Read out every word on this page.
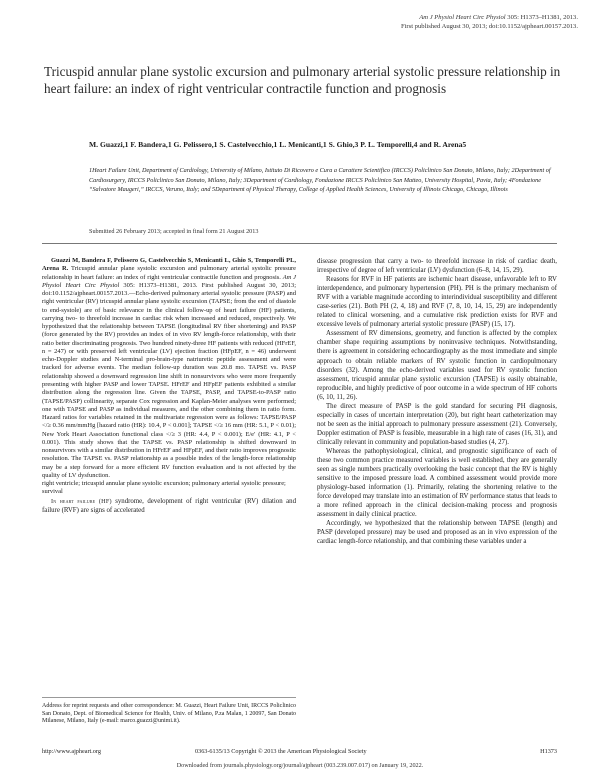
Am J Physiol Heart Circ Physiol 305: H1373–H1381, 2013.
First published August 30, 2013; doi:10.1152/ajpheart.00157.2013.
Tricuspid annular plane systolic excursion and pulmonary arterial systolic pressure relationship in heart failure: an index of right ventricular contractile function and prognosis
M. Guazzi,1 F. Bandera,1 G. Pelissero,1 S. Castelvecchio,1 L. Menicanti,1 S. Ghio,3 P. L. Temporelli,4 and R. Arena5
1Heart Failure Unit, Department of Cardiology, University of Milano, Istituto Di Ricovero e Cura a Carattere Scientifico (IRCCS) Policlinico San Donato, Milano, Italy; 2Department of Cardiosurgery, IRCCS Policlinico San Donato, Milano, Italy; 3Department of Cardiology, Fondazione IRCCS Policlinico San Matteo, University Hospital, Pavia, Italy; 4Fondazione “Salvatore Maugeri,” IRCCS, Veruno, Italy; and 5Department of Physical Therapy, College of Applied Health Sciences, University of Illinois Chicago, Chicago, Illinois
Submitted 26 February 2013; accepted in final form 21 August 2013

Guazzi M, Bandera F, Pelissero G, Castelvecchio S, Menicanti L, Ghio S, Temporelli PL, Arena R. Tricuspid annular plane systolic excursion and pulmonary arterial systolic pressure relationship in heart failure: an index of right ventricular contractile function and prognosis. Am J Physiol Heart Circ Physiol 305: H1373–H1381, 2013. First published August 30, 2013; doi:10.1152/ajpheart.00157.2013.—Echo-derived pulmonary arterial systolic pressure (PASP) and right ventricular (RV) tricuspid annular plane systolic excursion (TAPSE; from the end of diastole to end-systole) are of basic relevance in the clinical follow-up of heart failure (HF) patients, carrying two- to threefold increase in cardiac risk when increased and reduced, respectively. We hypothesized that the relationship between TAPSE (longitudinal RV fiber shortening) and PASP (force generated by the RV) provides an index of in vivo RV length-force relationship, with their ratio better discriminating prognosis. Two hundred ninety-three HF patients with reduced (HFrEF, n = 247) or with preserved left ventricular (LV) ejection fraction (HFpEF, n = 46) underwent echo-Doppler studies and N-terminal pro-brain-type natriuretic peptide assessment and were tracked for adverse events. The median follow-up duration was 20.8 mo. TAPSE vs. PASP relationship showed a downward regression line shift in nonsurvivors who were more frequently presenting with higher PASP and lower TAPSE. HFrEF and HFpEF patients exhibited a similar distribution along the regression line. Given the TAPSE, PASP, and TAPSE-to-PASP ratio (TAPSE/PASP) collinearity, separate Cox regression and Kaplan-Meier analyses were performed; one with TAPSE and PASP as individual measures, and the other combining them in ratio form. Hazard ratios for variables retained in the multivariate regression were as follows: TAPSE/PASP </≥ 0.36 mm/mmHg [hazard ratio (HR): 10.4, P < 0.001]; TAPSE </≥ 16 mm (HR: 5.1, P < 0.01); New York Heart Association functional class </≥ 3 (HR: 4.4, P < 0.001); E/e′ (HR: 4.1, P < 0.001). This study shows that the TAPSE vs. PASP relationship is shifted downward in nonsurvivors with a similar distribution in HFrEF and HFpEF, and their ratio improves prognostic resolution. The TAPSE vs. PASP relationship as a possible index of the length-force relationship may be a step forward for a more efficient RV function evaluation and is not affected by the quality of LV dysfunction.

right ventricle; tricuspid annular plane systolic excursion; pulmonary arterial systolic pressure; survival

In heart failure (HF) syndrome, development of right ventricular (RV) dilation and failure (RVF) are signs of accelerated

disease progression that carry a two- to threefold increase in risk of cardiac death, irrespective of degree of left ventricular (LV) dysfunction (6–8, 14, 15, 29).

Reasons for RVF in HF patients are ischemic heart disease, unfavorable left to RV interdependence, and pulmonary hypertension (PH). PH is the primary mechanism of RVF with a variable magnitude according to interindividual susceptibility and different case-series (21). Both PH (2, 4, 18) and RVF (7, 8, 10, 14, 15, 29) are independently related to clinical worsening, and a cumulative risk prediction exists for RVF and excessive levels of pulmonary arterial systolic pressure (PASP) (15, 17).

Assessment of RV dimensions, geometry, and function is affected by the complex chamber shape requiring assumptions by noninvasive techniques. Notwithstanding, there is agreement in considering echocardiography as the most immediate and simple approach to obtain reliable markers of RV systolic function in cardiopulmonary disorders (32). Among the echo-derived variables used for RV systolic function assessment, tricuspid annular plane systolic excursion (TAPSE) is easily obtainable, reproducible, and highly predictive of poor outcome in a wide spectrum of HF cohorts (6, 10, 11, 26).

The direct measure of PASP is the gold standard for securing PH diagnosis, especially in cases of uncertain interpretation (20), but right heart catheterization may not be seen as the initial approach to pulmonary pressure assessment (21). Conversely, Doppler estimation of PASP is feasible, measurable in a high rate of cases (16, 31), and clinically relevant in community and population-based studies (4, 27).

Whereas the pathophysiological, clinical, and prognostic significance of each of these two common practice measured variables is well established, they are generally seen as single numbers practically overlooking the basic concept that the RV is highly sensitive to the imposed pressure load. A combined assessment would provide more physiology-based information (1). Primarily, relating the shortening relative to the force developed may translate into an estimation of RV performance status that leads to a more refined approach in the clinical decision-making process and prognosis assessment in daily clinical practice.

Accordingly, we hypothesized that the relationship between TAPSE (length) and PASP (developed pressure) may be used and proposed as an in vivo expression of the cardiac length-force relationship, and that combining these variables under a

Address for reprint requests and other correspondence: M. Guazzi, Heart Failure Unit, IRCCS Policlinico San Donato, Dept. of Biomedical Science for Health, Univ. of Milano, P.za Malan, 1 20097, San Donato Milanese, Milano, Italy (e-mail: marco.guazzi@unimi.it).
http://www.ajpheart.org	0363-6135/13 Copyright © 2013 the American Physiological Society	H1373
Downloaded from journals.physiology.org/journal/ajpheart (003.239.007.017) on January 19, 2022.
